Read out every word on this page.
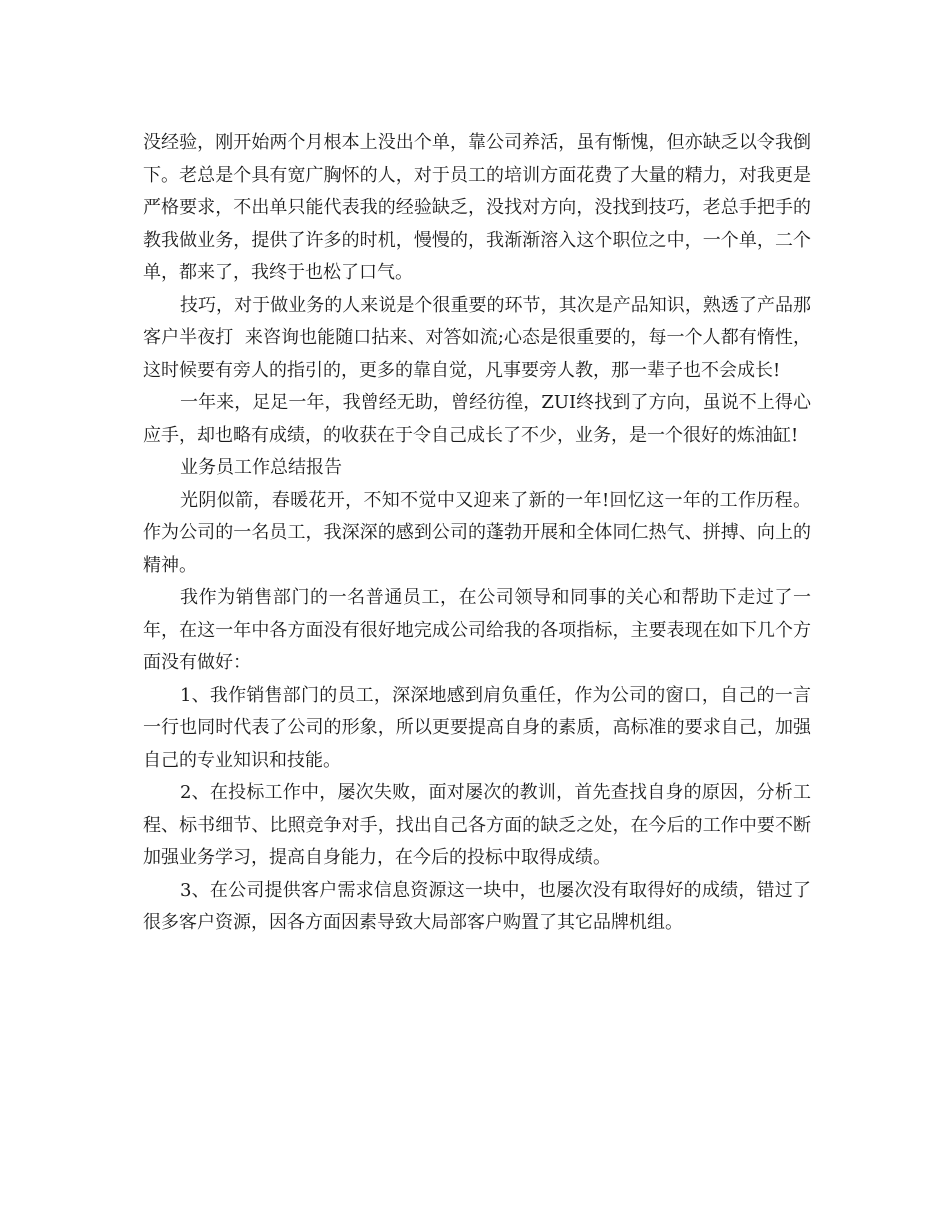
没经验，刚开始两个月根本上没出个单，靠公司养活，虽有惭愧，但亦缺乏以令我倒下。老总是个具有宽广胸怀的人，对于员工的培训方面花费了大量的精力，对我更是严格要求，不出单只能代表我的经验缺乏，没找对方向，没找到技巧，老总手把手的教我做业务，提供了许多的时机，慢慢的，我渐渐溶入这个职位之中，一个单，二个单，都来了，我终于也松了口气。

技巧，对于做业务的人来说是个很重要的环节，其次是产品知识，熟透了产品那客户半夜打  来咨询也能随口拈来、对答如流;心态是很重要的，每一个人都有惰性，这时候要有旁人的指引的，更多的靠自觉，凡事要旁人教，那一辈子也不会成长!

一年来，足足一年，我曾经无助，曾经彷徨，ZUI终找到了方向，虽说不上得心应手，却也略有成绩，的收获在于令自己成长了不少，业务，是一个很好的炼油缸!

业务员工作总结报告

光阴似箭，春暖花开，不知不觉中又迎来了新的一年!回忆这一年的工作历程。作为公司的一名员工，我深深的感到公司的蓬勃开展和全体同仁热气、拼搏、向上的精神。

我作为销售部门的一名普通员工，在公司领导和同事的关心和帮助下走过了一年，在这一年中各方面没有很好地完成公司给我的各项指标，主要表现在如下几个方面没有做好：

1、我作销售部门的员工，深深地感到肩负重任，作为公司的窗口，自己的一言一行也同时代表了公司的形象，所以更要提高自身的素质，高标准的要求自己，加强自己的专业知识和技能。

2、在投标工作中，屡次失败，面对屡次的教训，首先查找自身的原因，分析工程、标书细节、比照竞争对手，找出自己各方面的缺乏之处，在今后的工作中要不断加强业务学习，提高自身能力，在今后的投标中取得成绩。

3、在公司提供客户需求信息资源这一块中，也屡次没有取得好的成绩，错过了很多客户资源，因各方面因素导致大局部客户购置了其它品牌机组。
